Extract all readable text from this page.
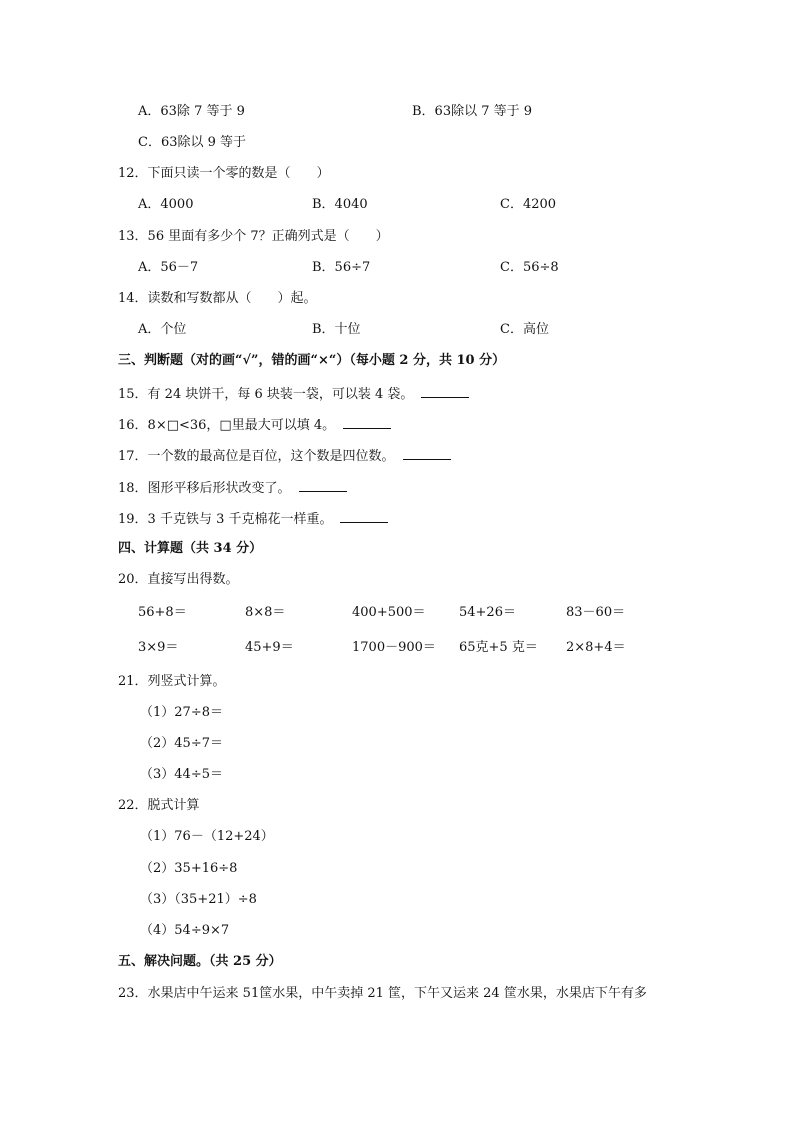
A．63除 7 等于 9	B．63除以 7 等于 9
C．63除以 9 等于
12．下面只读一个零的数是（　　）
A．4000	B．4040	C．4200
13．56 里面有多少个 7？正确列式是（　　）
A．56－7	B．56÷7	C．56÷8
14．读数和写数都从（　　）起。
A．个位	B．十位	C．高位
三、判断题（对的画“√”，错的画“×“）（每小题 2 分，共 10 分）
15．有 24 块饼干，每 6 块装一袋，可以装 4 袋。
16．8×□<36，□里最大可以填 4。
17．一个数的最高位是百位，这个数是四位数。
18．图形平移后形状改变了。
19．3 千克铁与 3 千克棉花一样重。
四、计算题（共 34 分）
20．直接写出得数。
56+8＝	8×8＝	400+500＝	54+26＝	83－60＝
3×9＝	45+9＝	1700－900＝ 65克+5 克＝ 2×8+4＝
21．列竖式计算。
（1）27÷8＝
（2）45÷7＝
（3）44÷5＝
22．脱式计算
（1）76－（12+24）
（2）35+16÷8
（3）（35+21）÷8
（4）54÷9×7
五、解决问题。（共 25 分）
23．水果店中午运来 51筐水果，中午卖掉 21 筐，下午又运来 24 筐水果，水果店下午有多
